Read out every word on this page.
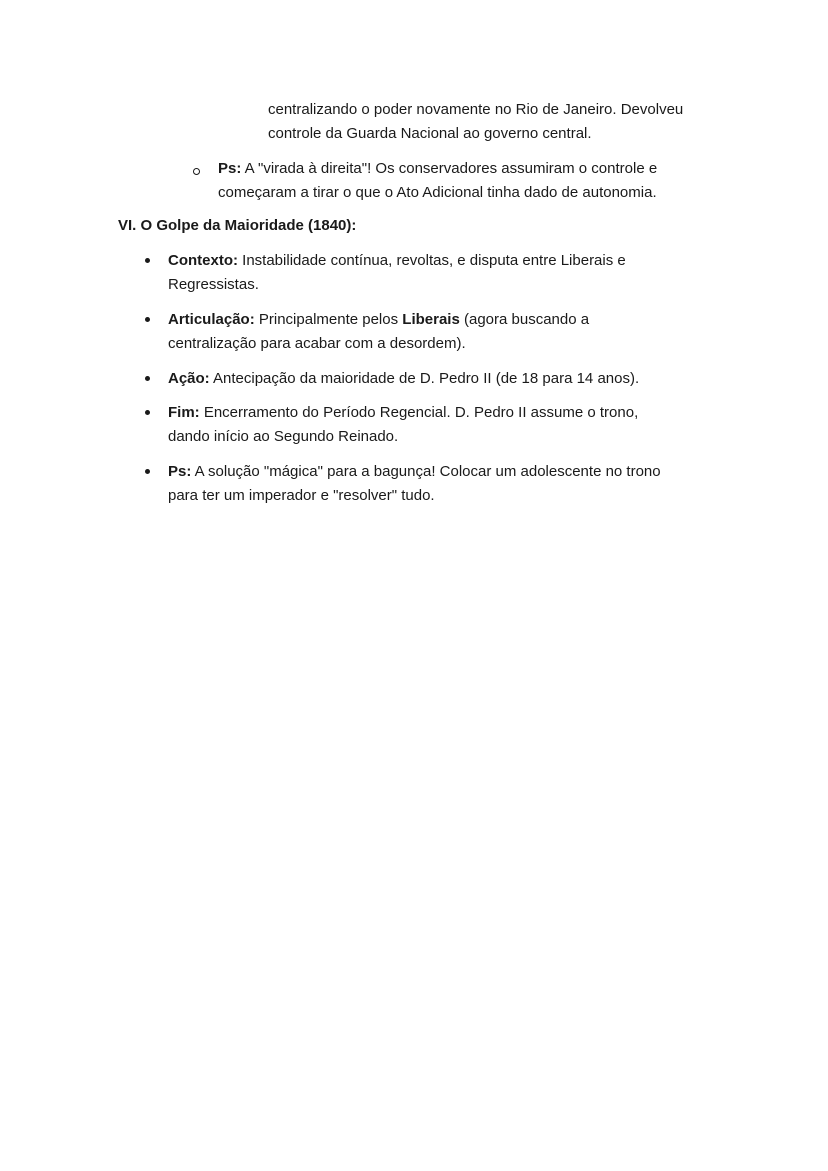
centralizando o poder novamente no Rio de Janeiro. Devolveu
controle da Guarda Nacional ao governo central.
Ps: A "virada à direita"! Os conservadores assumiram o controle e
começaram a tirar o que o Ato Adicional tinha dado de autonomia.
VI. O Golpe da Maioridade (1840):
Contexto: Instabilidade contínua, revoltas, e disputa entre Liberais e
Regressistas.
Articulação: Principalmente pelos Liberais (agora buscando a
centralização para acabar com a desordem).
Ação: Antecipação da maioridade de D. Pedro II (de 18 para 14 anos).
Fim: Encerramento do Período Regencial. D. Pedro II assume o trono,
dando início ao Segundo Reinado.
Ps: A solução "mágica" para a bagunça! Colocar um adolescente no trono
para ter um imperador e "resolver" tudo.
